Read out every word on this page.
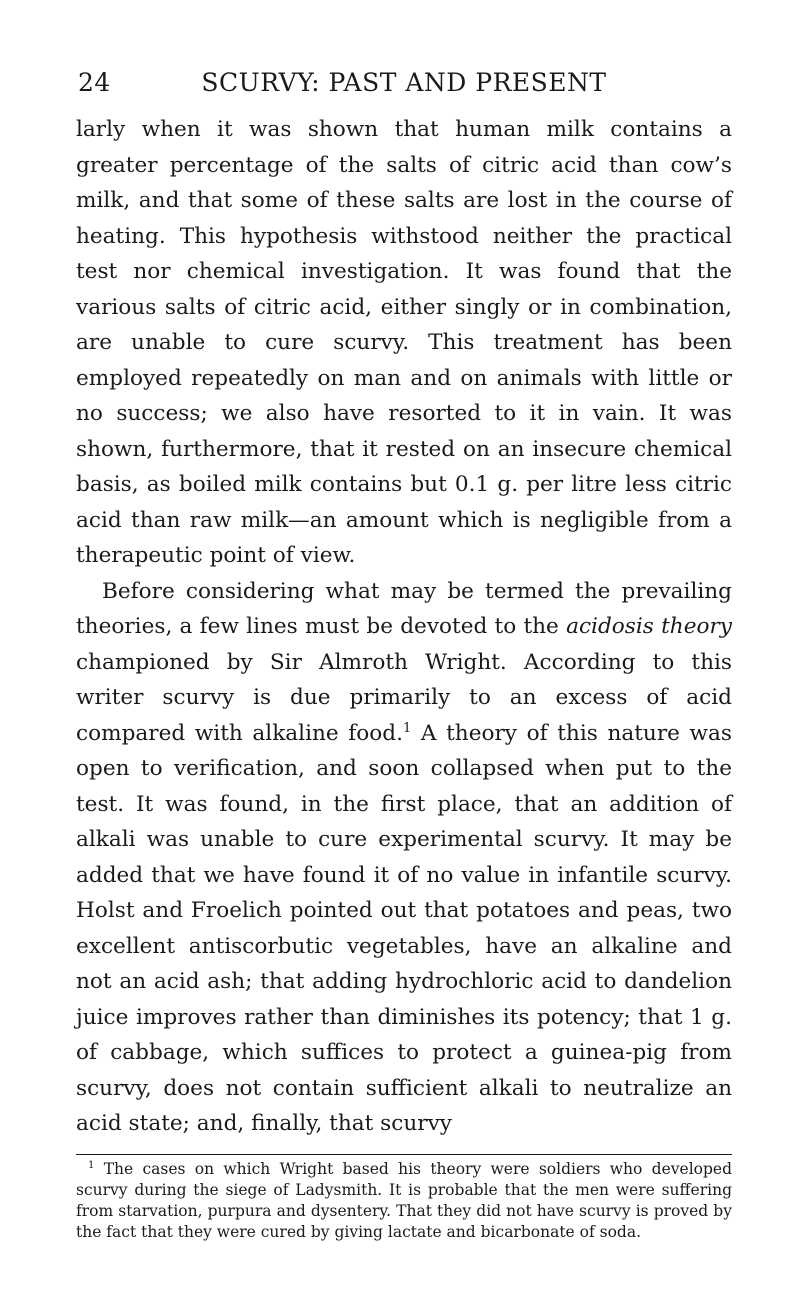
24	SCURVY: PAST AND PRESENT

larly when it was shown that human milk contains a greater percentage of the salts of citric acid than cow’s milk, and that some of these salts are lost in the course of heating. This hypothesis withstood neither the practical test nor chemical investigation. It was found that the various salts of citric acid, either singly or in combination, are unable to cure scurvy. This treatment has been employed repeatedly on man and on animals with little or no success; we also have resorted to it in vain. It was shown, furthermore, that it rested on an insecure chemical basis, as boiled milk contains but 0.1 g. per litre less citric acid than raw milk—an amount which is negligible from a therapeutic point of view.

Before considering what may be termed the prevailing theories, a few lines must be devoted to the acidosis theory championed by Sir Almroth Wright. According to this writer scurvy is due primarily to an excess of acid compared with alkaline food.$^1$ A theory of this nature was open to verification, and soon collapsed when put to the test. It was found, in the first place, that an addition of alkali was unable to cure experimental scurvy. It may be added that we have found it of no value in infantile scurvy. Holst and Froelich pointed out that potatoes and peas, two excellent antiscorbutic vegetables, have an alkaline and not an acid ash; that adding hydrochloric acid to dandelion juice improves rather than diminishes its potency; that 1 g. of cabbage, which suffices to protect a guinea-pig from scurvy, does not contain sufficient alkali to neutralize an acid state; and, finally, that scurvy

$^1$ The cases on which Wright based his theory were soldiers who developed scurvy during the siege of Ladysmith. It is probable that the men were suffering from starvation, purpura and dysentery. That they did not have scurvy is proved by the fact that they were cured by giving lactate and bicarbonate of soda.
